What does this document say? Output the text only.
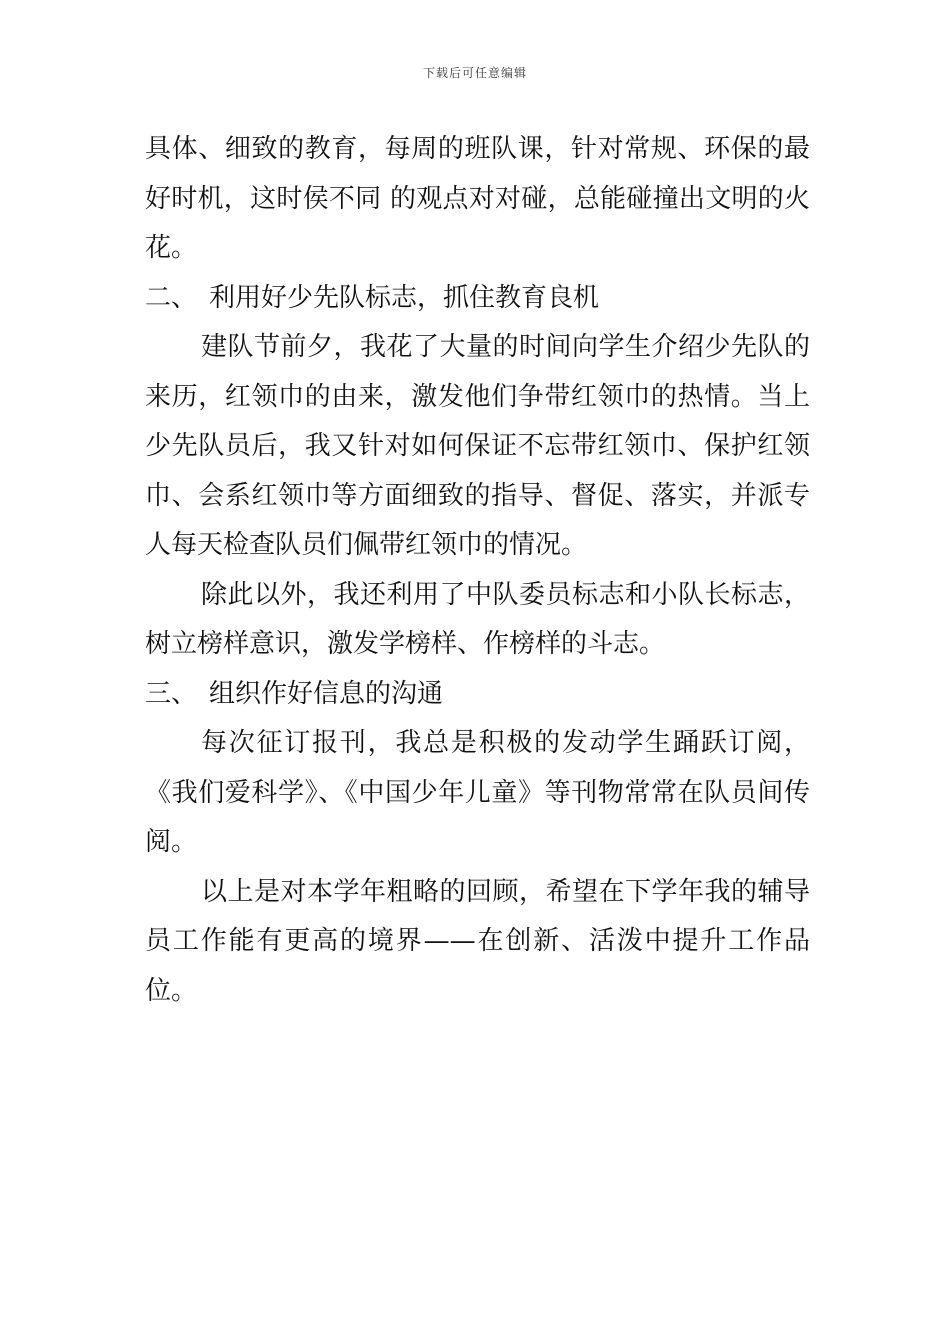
下载后可任意编辑

具体、细致的教育，每周的班队课，针对常规、环保的最好时机，这时侯不同 的观点对对碰，总能碰撞出文明的火花。

二、 利用好少先队标志，抓住教育良机

建队节前夕，我花了大量的时间向学生介绍少先队的来历，红领巾的由来，激发他们争带红领巾的热情。当上少先队员后，我又针对如何保证不忘带红领巾、保护红领巾、会系红领巾等方面细致的指导、督促、落实，并派专人每天检查队员们佩带红领巾的情况。

除此以外，我还利用了中队委员标志和小队长标志，树立榜样意识，激发学榜样、作榜样的斗志。

三、 组织作好信息的沟通

每次征订报刊，我总是积极的发动学生踊跃订阅，《我们爱科学》、《中国少年儿童》等刊物常常在队员间传阅。

以上是对本学年粗略的回顾，希望在下学年我的辅导员工作能有更高的境界——在创新、活泼中提升工作品位。
